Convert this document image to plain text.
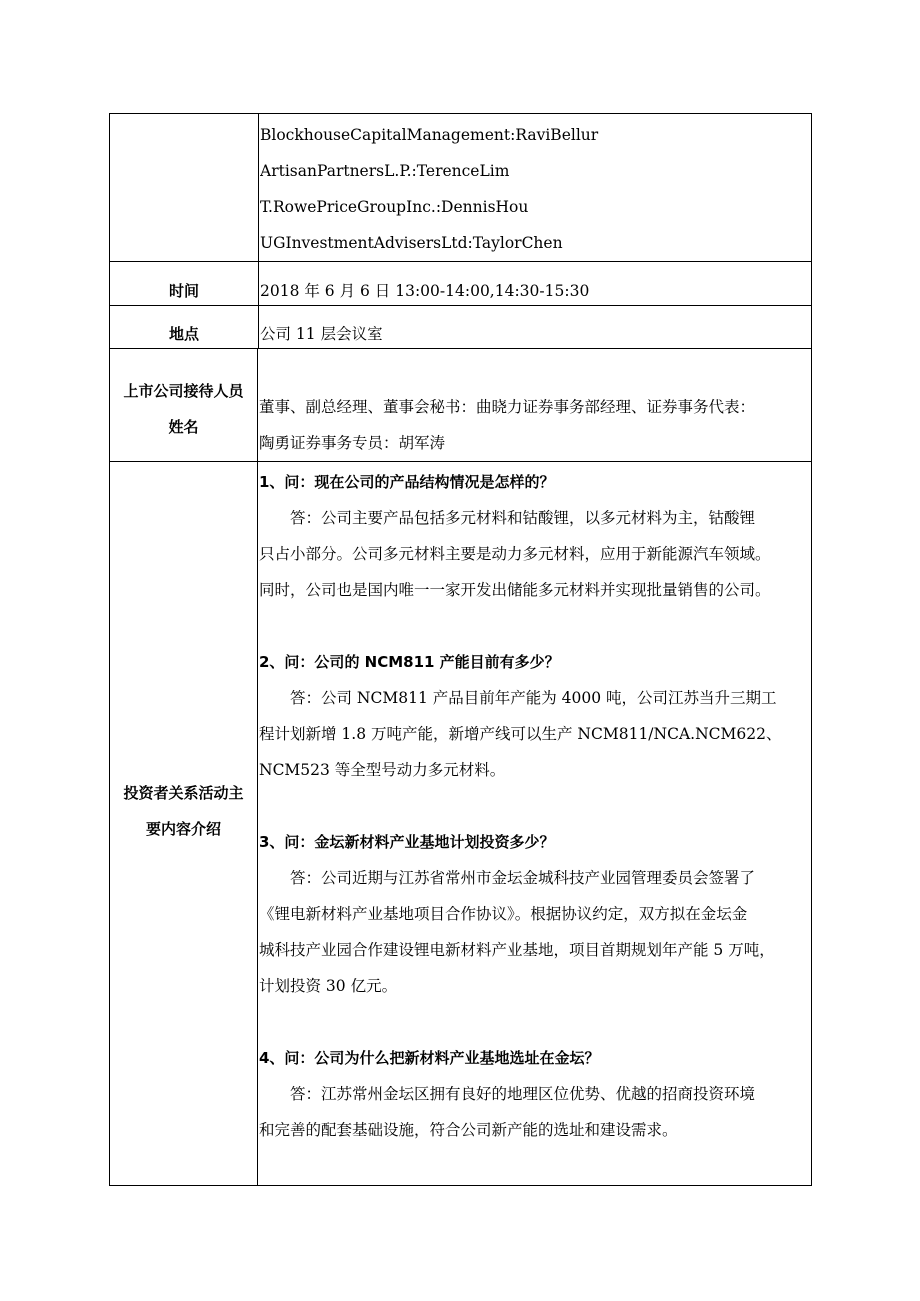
BlockhouseCapitalManagement:RaviBellur
ArtisanPartnersL.P.:TerenceLim
T.RowePriceGroupInc.:DennisHou
UGInvestmentAdvisersLtd:TaylorChen
时间	2018 年 6 月 6 日 13:00-14:00,14:30-15:30
地点	公司 11 层会议室
上市公司接待人员
姓名
董事、副总经理、董事会秘书：曲晓力证券事务部经理、证券事务代表：
陶勇证券事务专员：胡军涛
投资者关系活动主
要内容介绍
1、问：现在公司的产品结构情况是怎样的？
　　答：公司主要产品包括多元材料和钴酸锂，以多元材料为主，钴酸锂
只占小部分。公司多元材料主要是动力多元材料，应用于新能源汽车领域。
同时，公司也是国内唯一一家开发出储能多元材料并实现批量销售的公司。
2、问：公司的 NCM811 产能目前有多少？
　　答：公司 NCM811 产品目前年产能为 4000 吨，公司江苏当升三期工
程计划新增 1.8 万吨产能，新增产线可以生产 NCM811/NCA.NCM622、
NCM523 等全型号动力多元材料。
3、问：金坛新材料产业基地计划投资多少？
　　答：公司近期与江苏省常州市金坛金城科技产业园管理委员会签署了
《锂电新材料产业基地项目合作协议》。根据协议约定，双方拟在金坛金
城科技产业园合作建设锂电新材料产业基地，项目首期规划年产能 5 万吨，
计划投资 30 亿元。
4、问：公司为什么把新材料产业基地选址在金坛？
　　答：江苏常州金坛区拥有良好的地理区位优势、优越的招商投资环境
和完善的配套基础设施，符合公司新产能的选址和建设需求。
